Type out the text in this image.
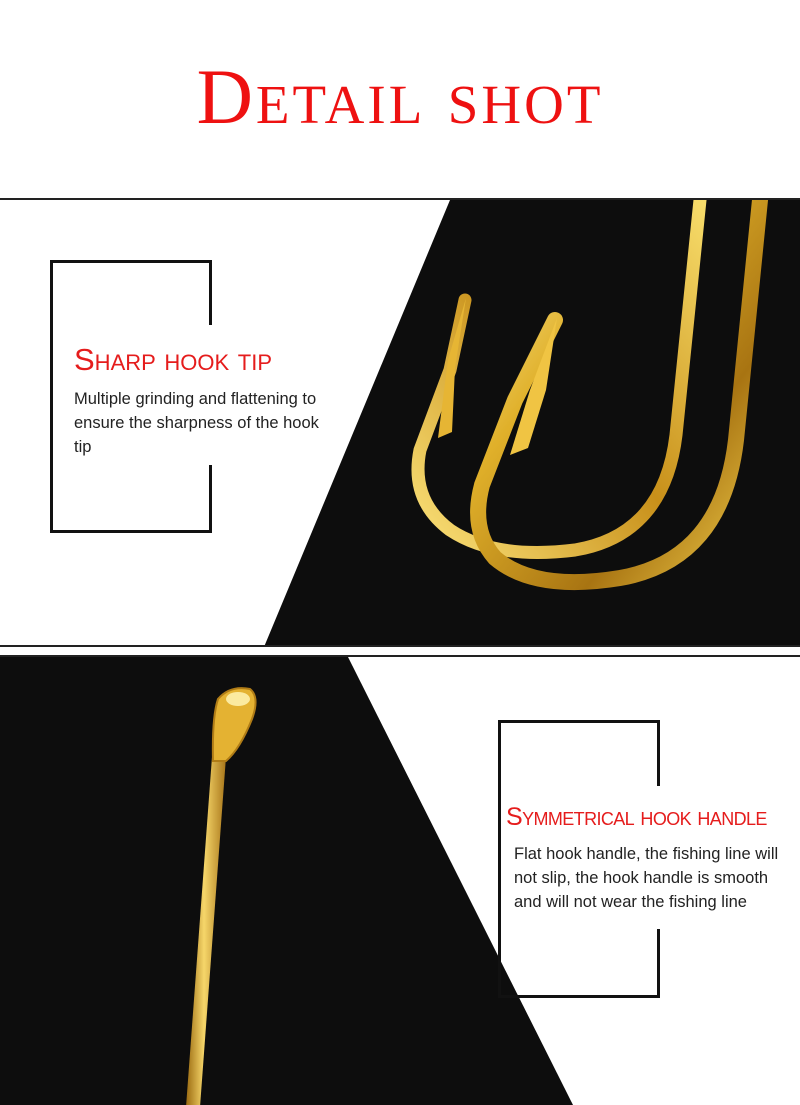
Detail shot
Sharp hook tip
Multiple grinding and flattening to ensure the sharpness of the hook tip
Symmetrical hook handle
Flat hook handle, the fishing line will not slip, the hook handle is smooth and will not wear the fishing line
